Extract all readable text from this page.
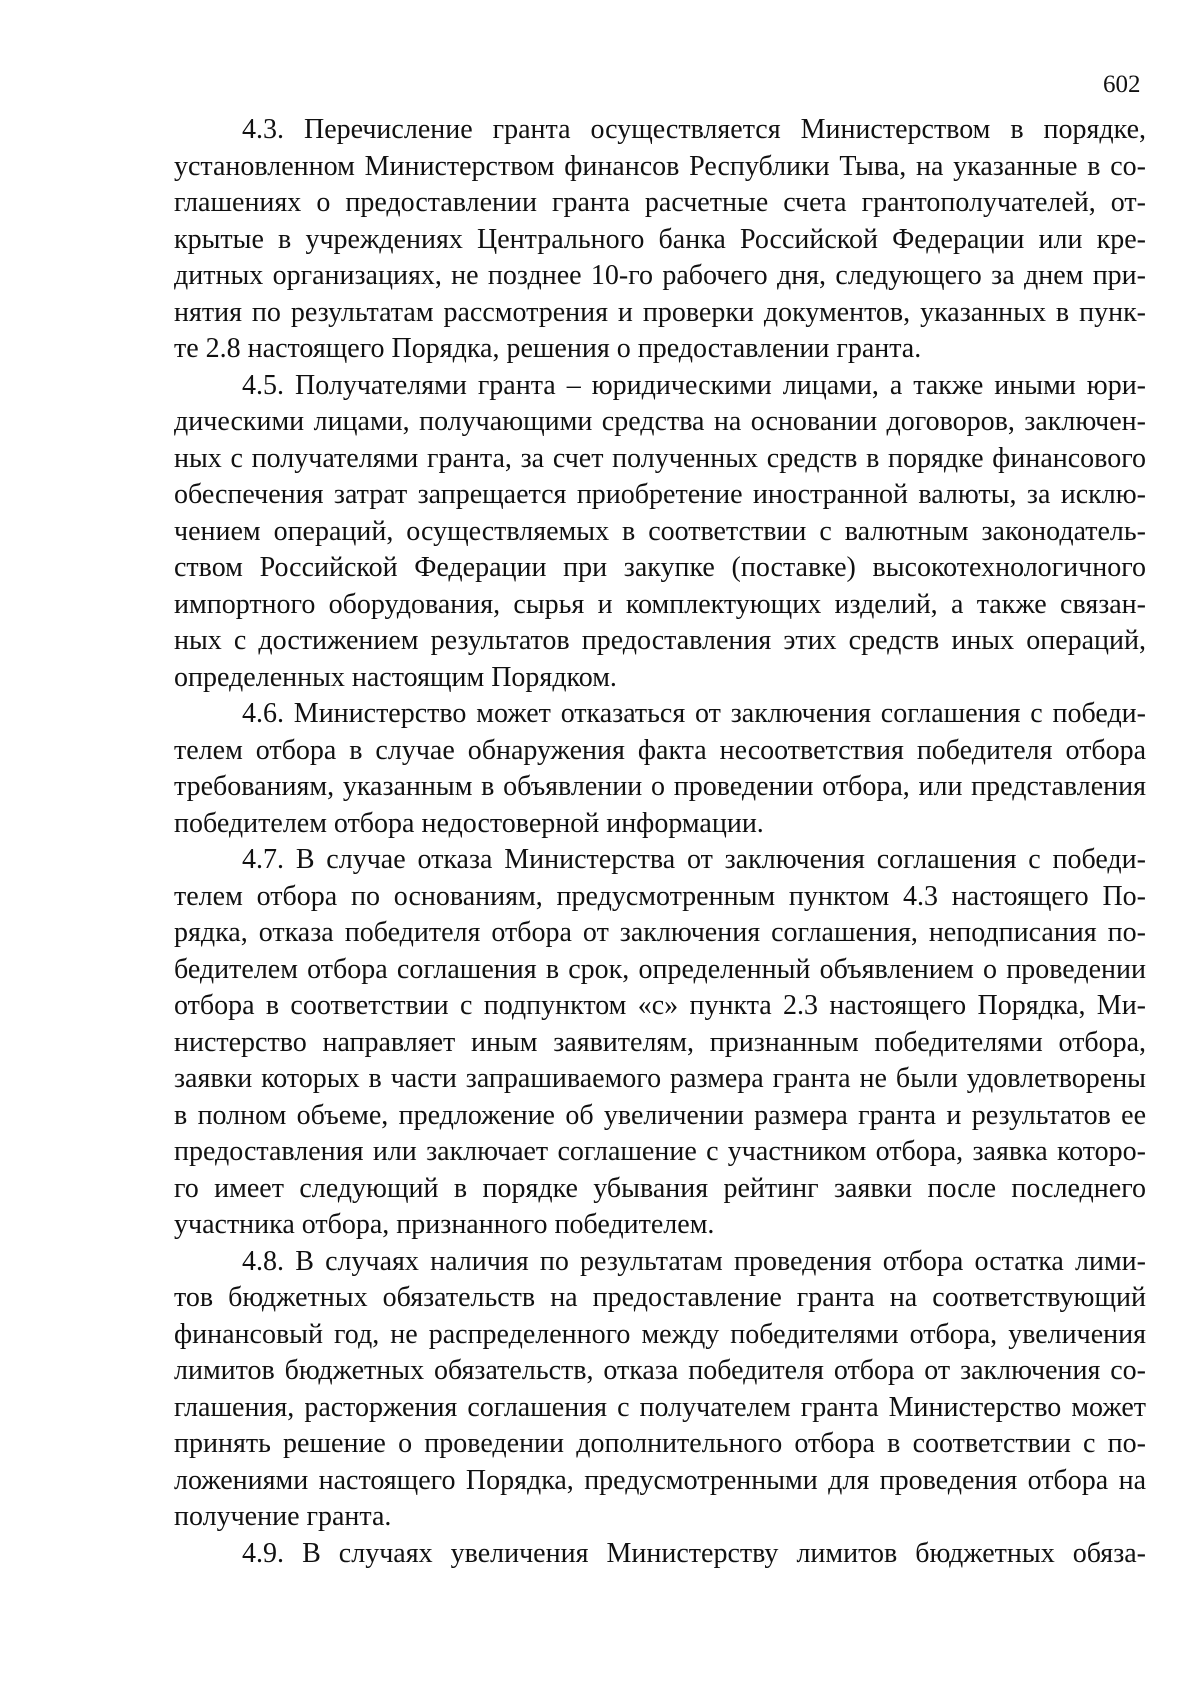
602

4.3. Перечисление гранта осуществляется Министерством в порядке,
установленном Министерством финансов Республики Тыва, на указанные в со-
глашениях о предоставлении гранта расчетные счета грантополучателей, от-
крытые в учреждениях Центрального банка Российской Федерации или кре-
дитных организациях, не позднее 10-го рабочего дня, следующего за днем при-
нятия по результатам рассмотрения и проверки документов, указанных в пунк-
те 2.8 настоящего Порядка, решения о предоставлении гранта.

4.5. Получателями гранта – юридическими лицами, а также иными юри-
дическими лицами, получающими средства на основании договоров, заключен-
ных с получателями гранта, за счет полученных средств в порядке финансового
обеспечения затрат запрещается приобретение иностранной валюты, за исклю-
чением операций, осуществляемых в соответствии с валютным законодатель-
ством Российской Федерации при закупке (поставке) высокотехнологичного
импортного оборудования, сырья и комплектующих изделий, а также связан-
ных с достижением результатов предоставления этих средств иных операций,
определенных настоящим Порядком.

4.6. Министерство может отказаться от заключения соглашения с победи-
телем отбора в случае обнаружения факта несоответствия победителя отбора
требованиям, указанным в объявлении о проведении отбора, или представления
победителем отбора недостоверной информации.

4.7. В случае отказа Министерства от заключения соглашения с победи-
телем отбора по основаниям, предусмотренным пунктом 4.3 настоящего По-
рядка, отказа победителя отбора от заключения соглашения, неподписания по-
бедителем отбора соглашения в срок, определенный объявлением о проведении
отбора в соответствии с подпунктом «с» пункта 2.3 настоящего Порядка, Ми-
нистерство направляет иным заявителям, признанным победителями отбора,
заявки которых в части запрашиваемого размера гранта не были удовлетворены
в полном объеме, предложение об увеличении размера гранта и результатов ее
предоставления или заключает соглашение с участником отбора, заявка которо-
го имеет следующий в порядке убывания рейтинг заявки после последнего
участника отбора, признанного победителем.

4.8. В случаях наличия по результатам проведения отбора остатка лими-
тов бюджетных обязательств на предоставление гранта на соответствующий
финансовый год, не распределенного между победителями отбора, увеличения
лимитов бюджетных обязательств, отказа победителя отбора от заключения со-
глашения, расторжения соглашения с получателем гранта Министерство может
принять решение о проведении дополнительного отбора в соответствии с по-
ложениями настоящего Порядка, предусмотренными для проведения отбора на
получение гранта.

4.9. В случаях увеличения Министерству лимитов бюджетных обяза-
